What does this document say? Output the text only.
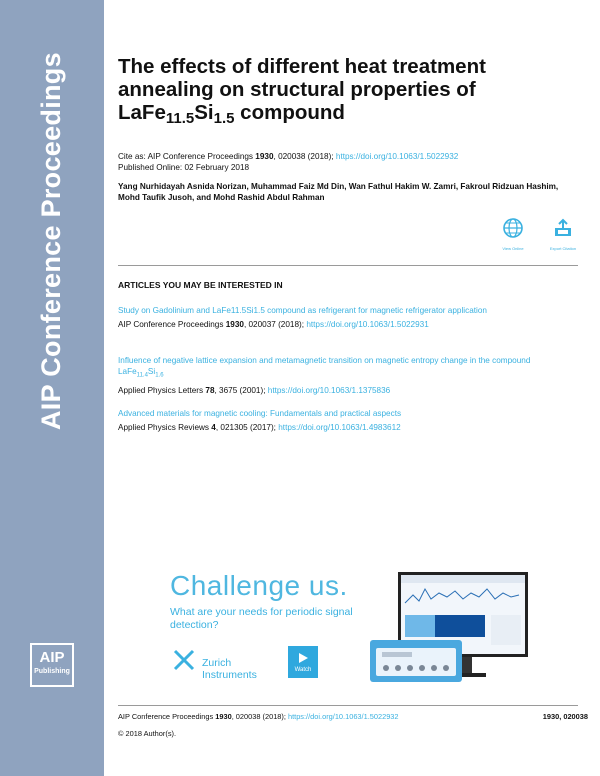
AIP Conference Proceedings
AIP
Publishing
The effects of different heat treatment annealing on structural properties of $LaFe_{11.5}Si_{1.5}$ compound
Cite as: AIP Conference Proceedings 1930, 020038 (2018); https://doi.org/10.1063/1.5022932
Published Online: 02 February 2018
Yang Nurhidayah Asnida Norizan, Muhammad Faiz Md Din, Wan Fathul Hakim W. Zamri, Fakroul Ridzuan Hashim, Mohd Taufik Jusoh, and Mohd Rashid Abdul Rahman
View Online	Export Citation
ARTICLES YOU MAY BE INTERESTED IN
Study on Gadolinium and LaFe11.5Si1.5 compound as refrigerant for magnetic refrigerator application
AIP Conference Proceedings 1930, 020037 (2018); https://doi.org/10.1063/1.5022931
Influence of negative lattice expansion and metamagnetic transition on magnetic entropy change in the compound $LaFe_{11.4}Si_{1.6}$
Applied Physics Letters 78, 3675 (2001); https://doi.org/10.1063/1.1375836
Advanced materials for magnetic cooling: Fundamentals and practical aspects
Applied Physics Reviews 4, 021305 (2017); https://doi.org/10.1063/1.4983612
Challenge us.
What are your needs for periodic signal detection?
Zurich
Instruments	Watch
AIP Conference Proceedings 1930, 020038 (2018); https://doi.org/10.1063/1.5022932	1930, 020038
© 2018 Author(s).
